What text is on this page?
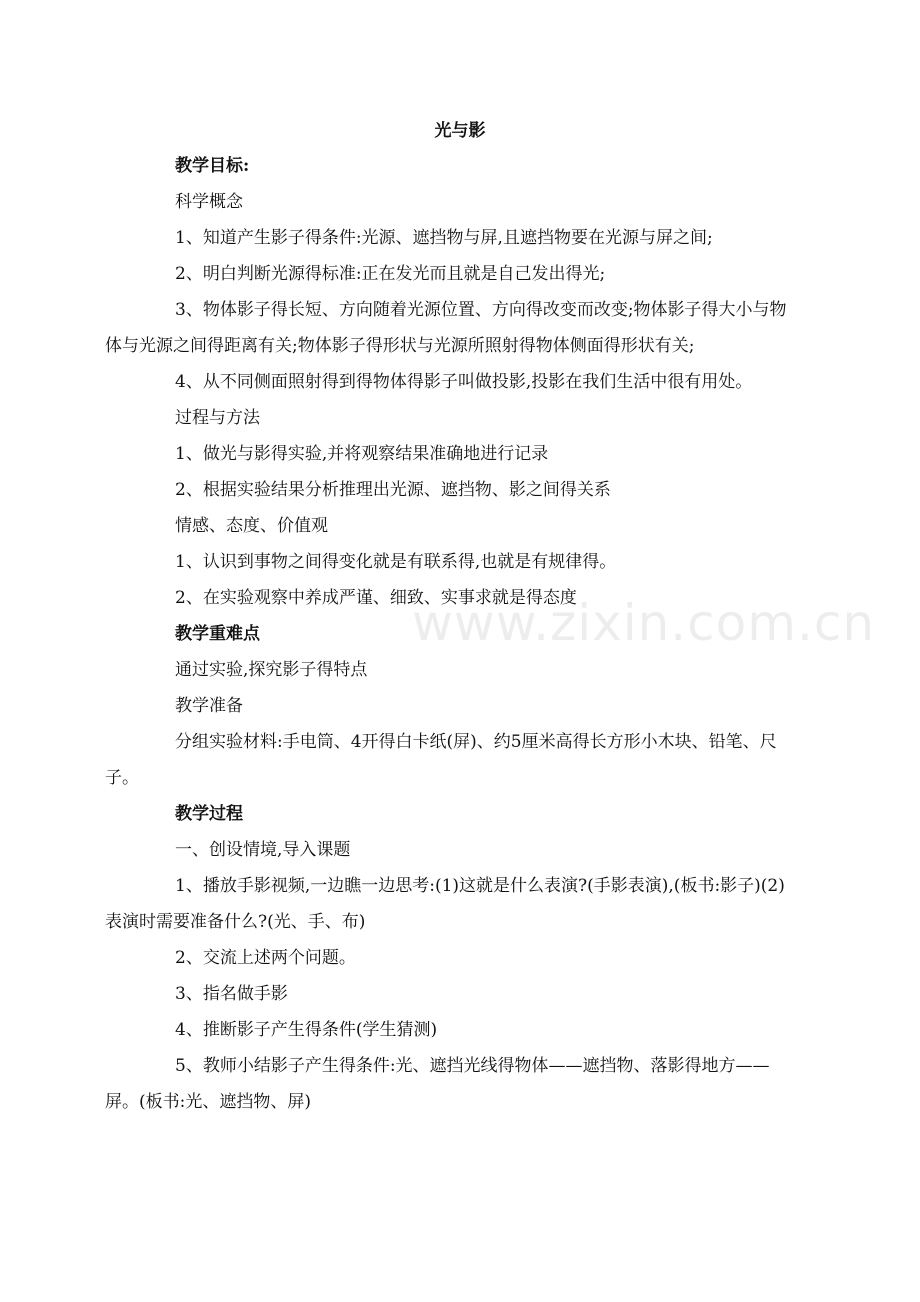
光与影

教学目标:

科学概念

1、知道产生影子得条件:光源、遮挡物与屏,且遮挡物要在光源与屏之间;

2、明白判断光源得标准:正在发光而且就是自己发出得光;

3、物体影子得长短、方向随着光源位置、方向得改变而改变;物体影子得大小与物体与光源之间得距离有关;物体影子得形状与光源所照射得物体侧面得形状有关;

4、从不同侧面照射得到得物体得影子叫做投影,投影在我们生活中很有用处。

过程与方法

1、做光与影得实验,并将观察结果准确地进行记录

2、根据实验结果分析推理出光源、遮挡物、影之间得关系

情感、态度、价值观

1、认识到事物之间得变化就是有联系得,也就是有规律得。

2、在实验观察中养成严谨、细致、实事求就是得态度

教学重难点

通过实验,探究影子得特点

教学准备

分组实验材料:手电筒、4开得白卡纸(屏)、约5厘米高得长方形小木块、铅笔、尺子。

教学过程

一、创设情境,导入课题

1、播放手影视频,一边瞧一边思考:(1)这就是什么表演?(手影表演),(板书:影子)(2)表演时需要准备什么?(光、手、布)

2、交流上述两个问题。

3、指名做手影

4、推断影子产生得条件(学生猜测)

5、教师小结影子产生得条件:光、遮挡光线得物体——遮挡物、落影得地方——屏。(板书:光、遮挡物、屏)

www.zixin.com.cn
